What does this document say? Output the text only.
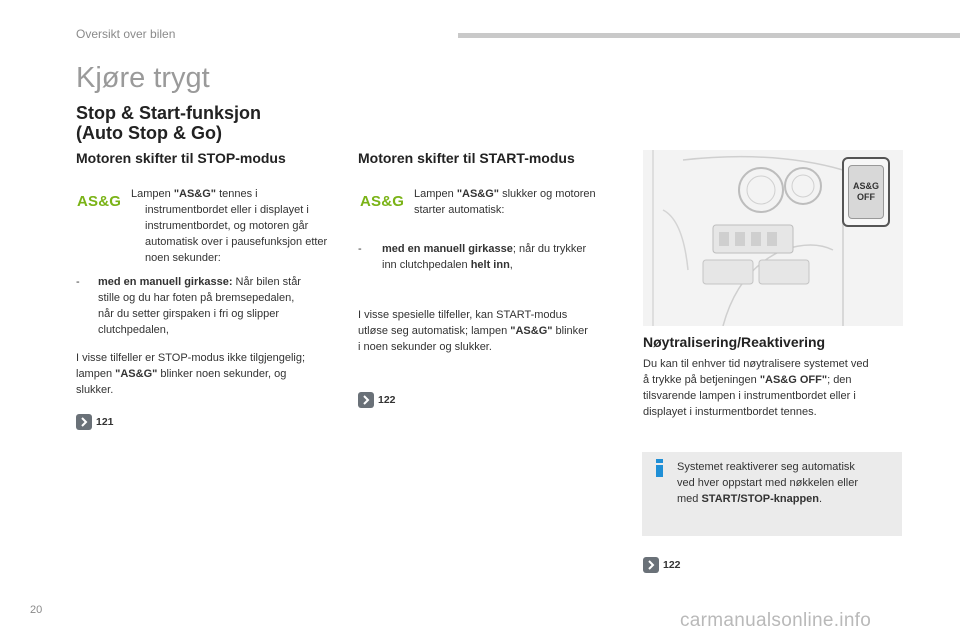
Oversikt over bilen
Kjøre trygt
Stop & Start-funksjon
(Auto Stop & Go)
Motoren skifter til STOP-modus
AS&G Lampen "AS&G" tennes i
instrumentbordet eller i displayet i
instrumentbordet, og motoren går
automatisk over i pausefunksjon etter
noen sekunder:
-	med en manuell girkasse: Når bilen står
stille og du har foten på bremsepedalen,
når du setter girspaken i fri og slipper
clutchpedalen,
I visse tilfeller er STOP-modus ikke tilgjengelig;
lampen "AS&G" blinker noen sekunder, og
slukker.
121
Motoren skifter til START-modus
AS&G Lampen "AS&G" slukker og motoren
starter automatisk:
-	med en manuell girkasse; når du trykker
inn clutchpedalen helt inn,
I visse spesielle tilfeller, kan START-modus
utløse seg automatisk; lampen "AS&G" blinker
i noen sekunder og slukker.
122
AS&G
OFF
Nøytralisering/Reaktivering
Du kan til enhver tid nøytralisere systemet ved
å trykke på betjeningen "AS&G OFF"; den
tilsvarende lampen i instrumentbordet eller i
displayet i insturmentbordet tennes.
Systemet reaktiverer seg automatisk
ved hver oppstart med nøkkelen eller
med START/STOP-knappen.
122
20	carmanualsonline.info
